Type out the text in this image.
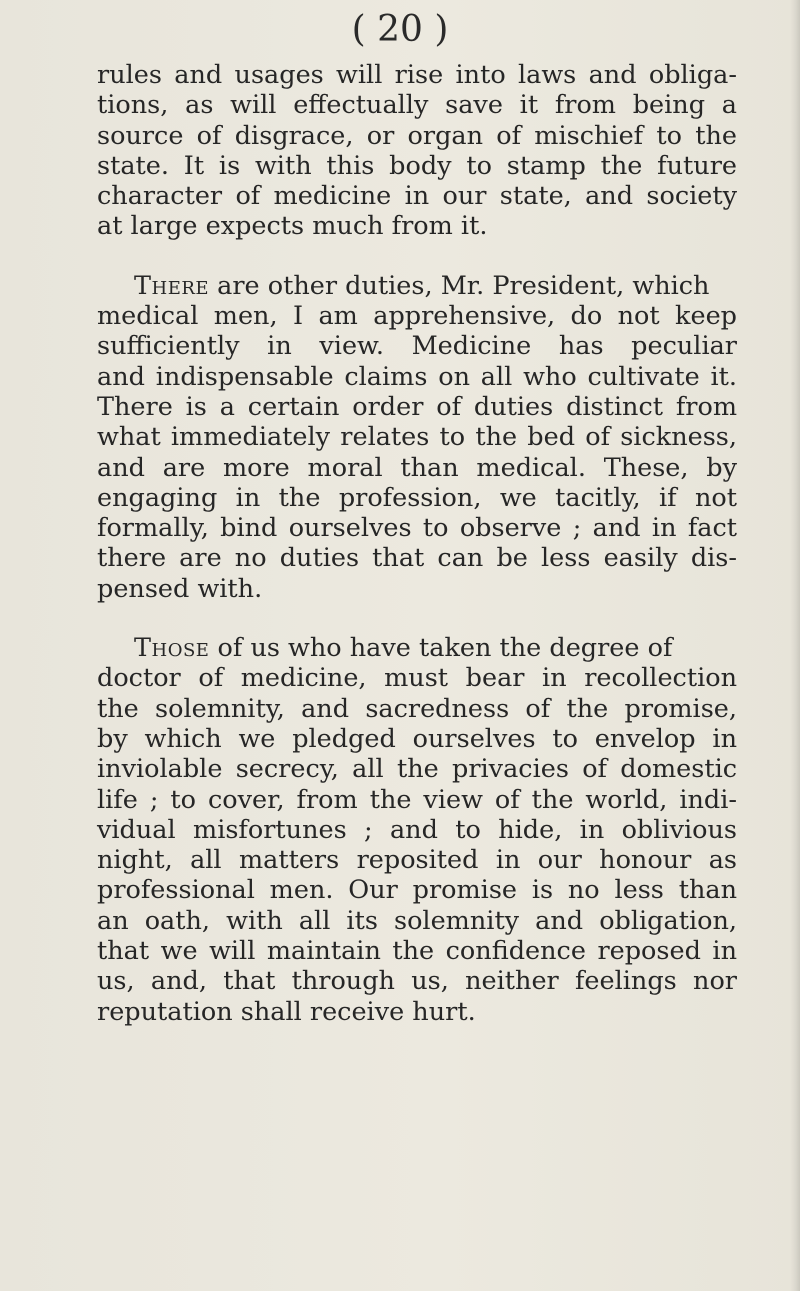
( 20 )
rules and usages will rise into laws and obliga-
tions, as will effectually save it from being a
source of disgrace, or organ of mischief to the
state. It is with this body to stamp the future
character of medicine in our state, and society
at large expects much from it.
There are other duties, Mr. President, which
medical men, I am apprehensive, do not keep
sufficiently in view. Medicine has peculiar
and indispensable claims on all who cultivate it.
There is a certain order of duties distinct from
what immediately relates to the bed of sickness,
and are more moral than medical. These, by
engaging in the profession, we tacitly, if not
formally, bind ourselves to observe ; and in fact
there are no duties that can be less easily dis-
pensed with.
Those of us who have taken the degree of
doctor of medicine, must bear in recollection
the solemnity, and sacredness of the promise,
by which we pledged ourselves to envelop in
inviolable secrecy, all the privacies of domestic
life ; to cover, from the view of the world, indi-
vidual misfortunes ; and to hide, in oblivious
night, all matters reposited in our honour as
professional men. Our promise is no less than
an oath, with all its solemnity and obligation,
that we will maintain the confidence reposed in
us, and, that through us, neither feelings nor
reputation shall receive hurt.
